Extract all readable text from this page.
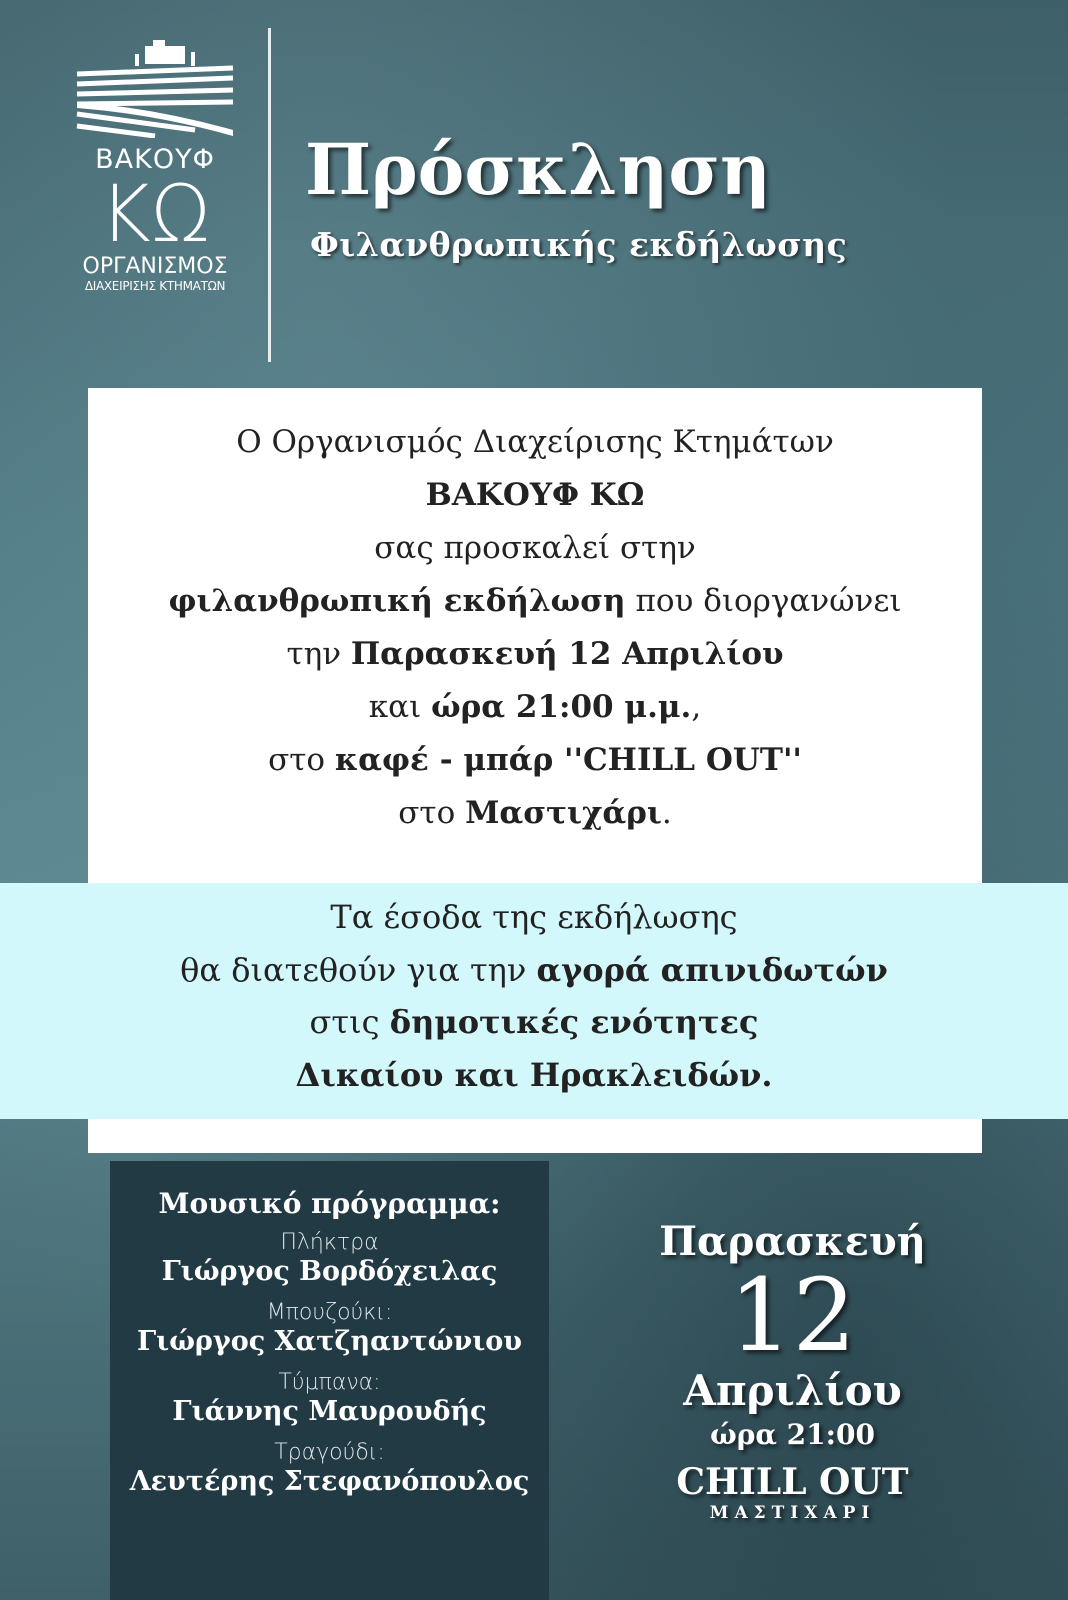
ΒΑΚΟΥΦ
ΚΩ
ΟΡΓΑΝΙΣΜΟΣ
ΔΙΑΧΕΙΡΙΣΗΣ ΚΤΗΜΑΤΩΝ
Πρόσκληση
Φιλανθρωπικής εκδήλωσης
Ο Οργανισμός Διαχείρισης Κτημάτων
ΒΑΚΟΥΦ ΚΩ
σας προσκαλεί στην
φιλανθρωπική εκδήλωση που διοργανώνει
την Παρασκευή 12 Απριλίου
και ώρα 21:00 μ.μ.,
στο καφέ - μπάρ ''CHILL OUT''
στο Μαστιχάρι.
Τα έσοδα της εκδήλωσης
θα διατεθούν για την αγορά απινιδωτών
στις δημοτικές ενότητες
Δικαίου και Ηρακλειδών.
Μουσικό πρόγραμμα:
Πλήκτρα
Γιώργος Βορδόχειλας
Μπουζούκι:
Γιώργος Χατζηαντώνιου
Τύμπανα:
Γιάννης Μαυρουδής
Τραγούδι:
Λευτέρης Στεφανόπουλος
Παρασκευή
12
Απριλίου
ώρα 21:00
CHILL OUT
ΜΑΣΤΙΧΑΡΙ
